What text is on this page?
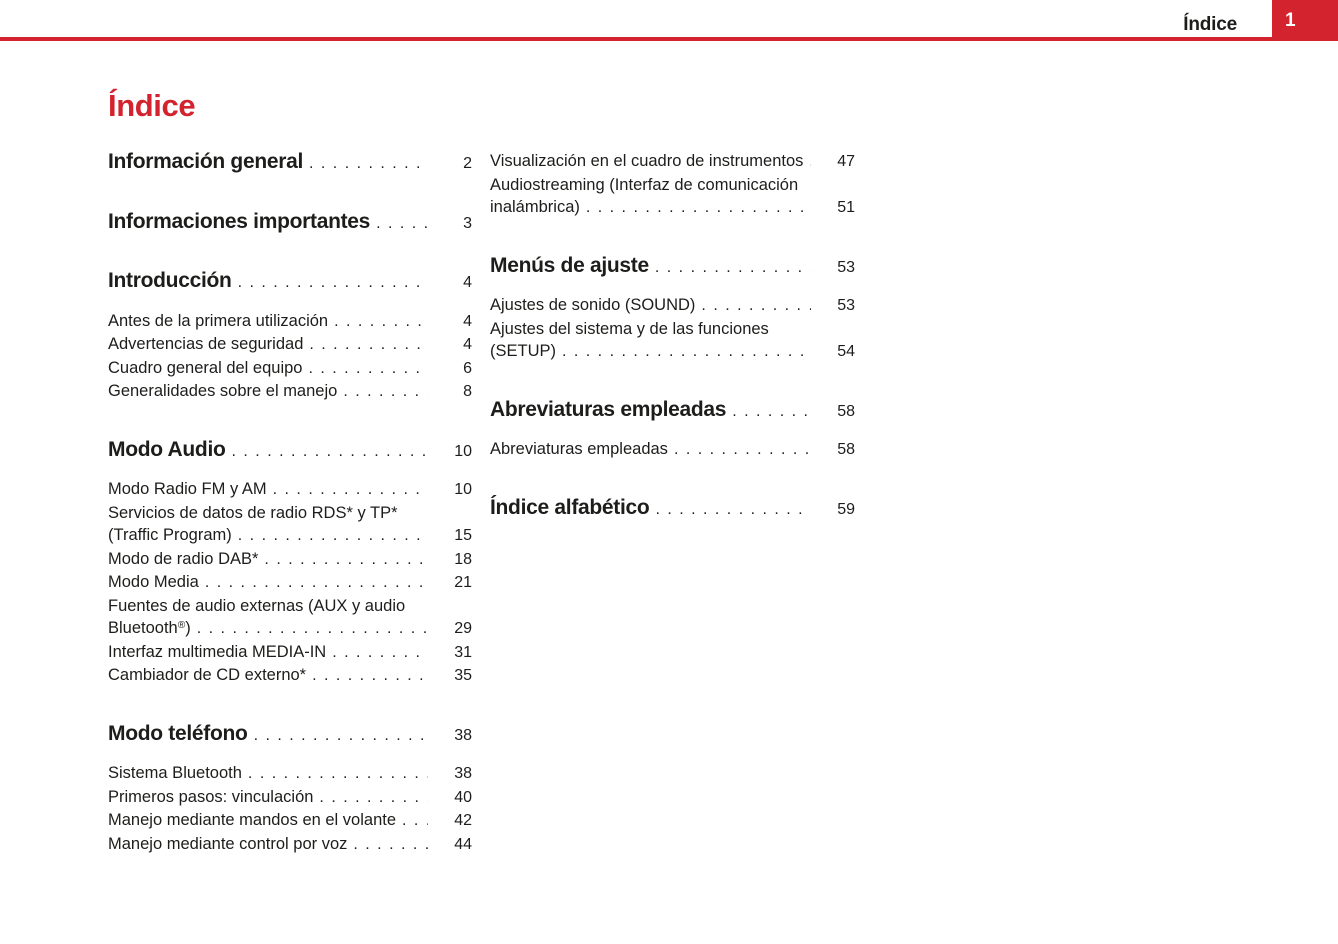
Índice	1
Índice
Información general . . .	2
Informaciones importantes . . .	3
Introducción . . .	4
Antes de la primera utilización . . .	4
Advertencias de seguridad . . .	4
Cuadro general del equipo . . .	6
Generalidades sobre el manejo . . .	8
Modo Audio . . .	10
Modo Radio FM y AM . . .	10
Servicios de datos de radio RDS* y TP*
(Traffic Program) . . .	15
Modo de radio DAB* . . .	18
Modo Media . . .	21
Fuentes de audio externas (AUX y audio
Bluetooth®) . . .	29
Interfaz multimedia MEDIA-IN . . .	31
Cambiador de CD externo* . . .	35
Modo teléfono . . .	38
Sistema Bluetooth . . .	38
Primeros pasos: vinculación . . .	40
Manejo mediante mandos en el volante . . .	42
Manejo mediante control por voz . . .	44
Visualización en el cuadro de instrumentos . . .	47
Audiostreaming (Interfaz de comunicación
inalámbrica) . . .	51
Menús de ajuste . . .	53
Ajustes de sonido (SOUND) . . .	53
Ajustes del sistema y de las funciones
(SETUP) . . .	54
Abreviaturas empleadas . . .	58
Abreviaturas empleadas . . .	58
Índice alfabético . . .	59
